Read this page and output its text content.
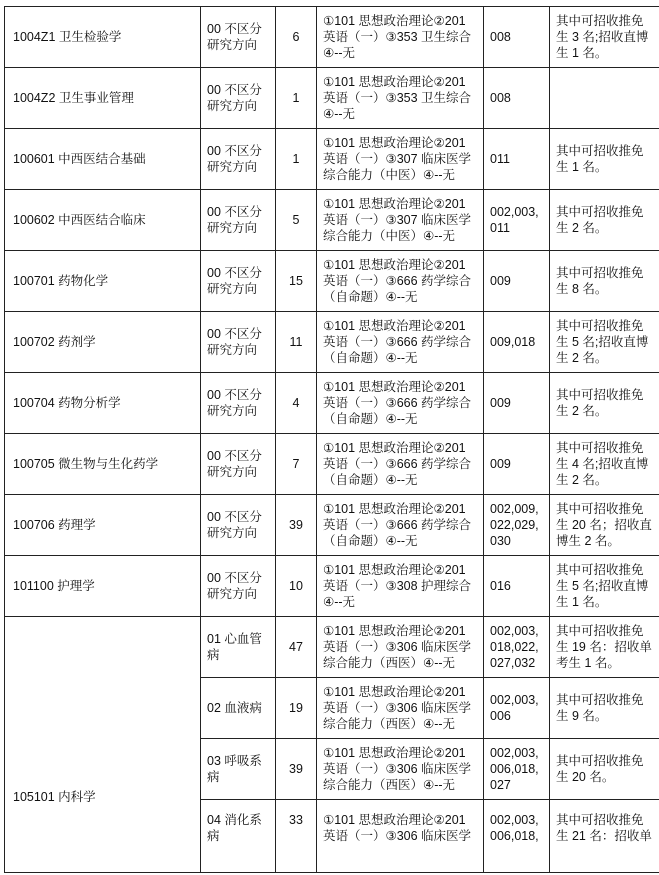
1004Z1 卫生检验学	00 不区分研究方向	6	①101 思想政治理论②201 英语（一）③353 卫生综合④--无	008	其中可招收推免生 3 名;招收直博生 1 名。
1004Z2 卫生事业管理	00 不区分研究方向	1	①101 思想政治理论②201 英语（一）③353 卫生综合④--无	008	
100601 中西医结合基础	00 不区分研究方向	1	①101 思想政治理论②201 英语（一）③307 临床医学综合能力（中医）④--无	011	其中可招收推免生 1 名。
100602 中西医结合临床	00 不区分研究方向	5	①101 思想政治理论②201 英语（一）③307 临床医学综合能力（中医）④--无	002,003, 011	其中可招收推免生 2 名。
100701 药物化学	00 不区分研究方向	15	①101 思想政治理论②201 英语（一）③666 药学综合（自命题）④--无	009	其中可招收推免生 8 名。
100702 药剂学	00 不区分研究方向	11	①101 思想政治理论②201 英语（一）③666 药学综合（自命题）④--无	009,018	其中可招收推免生 5 名;招收直博生 2 名。
100704 药物分析学	00 不区分研究方向	4	①101 思想政治理论②201 英语（一）③666 药学综合（自命题）④--无	009	其中可招收推免生 2 名。
100705 微生物与生化药学	00 不区分研究方向	7	①101 思想政治理论②201 英语（一）③666 药学综合（自命题）④--无	009	其中可招收推免生 4 名;招收直博生 2 名。
100706 药理学	00 不区分研究方向	39	①101 思想政治理论②201 英语（一）③666 药学综合（自命题）④--无	002,009, 022,029, 030	其中可招收推免生 20 名；招收直博生 2 名。
101100 护理学	00 不区分研究方向	10	①101 思想政治理论②201 英语（一）③308 护理综合④--无	016	其中可招收推免生 5 名;招收直博生 1 名。
105101 内科学	01 心血管病	47	①101 思想政治理论②201 英语（一）③306 临床医学综合能力（西医）④--无	002,003, 018,022, 027,032	其中可招收推免生 19 名：招收单考生 1 名。
	02 血液病	19	①101 思想政治理论②201 英语（一）③306 临床医学综合能力（西医）④--无	002,003, 006	其中可招收推免生 9 名。
	03 呼吸系病	39	①101 思想政治理论②201 英语（一）③306 临床医学综合能力（西医）④--无	002,003, 006,018, 027	其中可招收推免生 20 名。
	04 消化系病	33	①101 思想政治理论②201 英语（一）③306 临床医学	002,003, 006,018,	其中可招收推免生 21 名：招收单
